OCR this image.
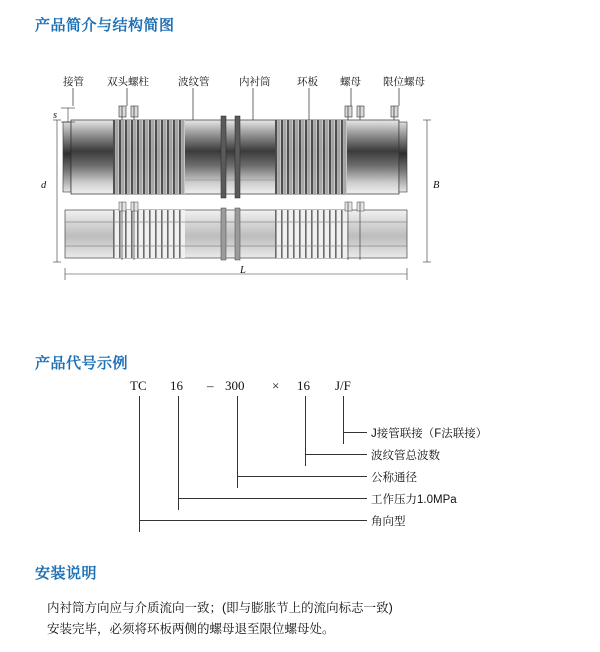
产品简介与结构简图
接管 双头螺柱	波纹管	内衬筒	环板 螺母 限位螺母
s
d	B
L
产品代号示例
TC 16 – 300 × 16 J/F
J接管联接（F法联接）
波纹管总波数
公称通径
工作压力1.0MPa
角向型
安装说明
内衬筒方向应与介质流向一致；(即与膨胀节上的流向标志一致)
安装完毕，必须将环板两侧的螺母退至限位螺母处。
